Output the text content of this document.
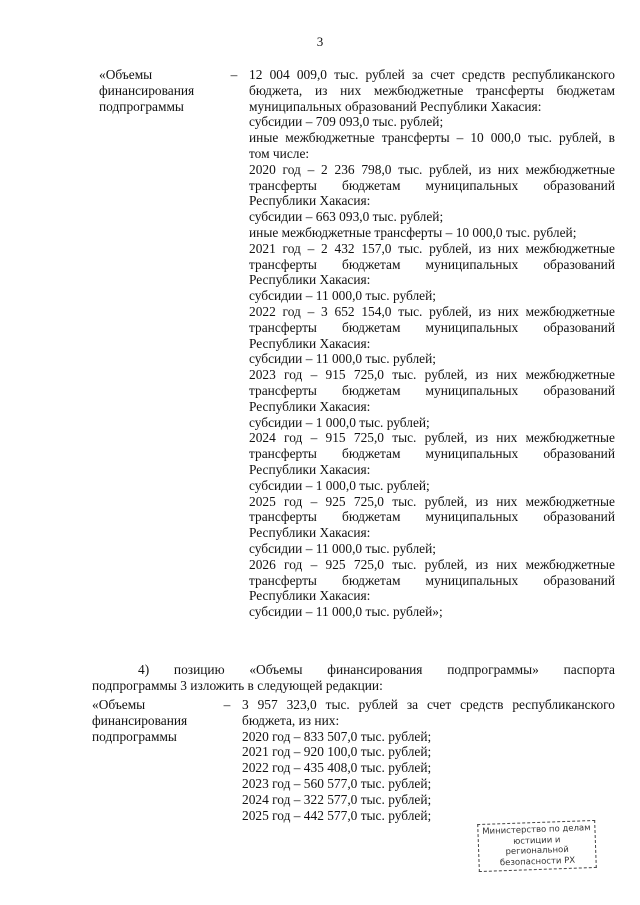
3
«Объемы
финансирования
подпрограммы
– 12 004 009,0 тыс. рублей за счет средств республиканского

бюджета, из них межбюджетные трансферты бюджетам

муниципальных образований Республики Хакасия:

субсидии – 709 093,0 тыс. рублей;

иные межбюджетные трансферты – 10 000,0 тыс. рублей, в

том числе:

2020 год – 2 236 798,0 тыс. рублей, из них межбюджетные

трансферты бюджетам муниципальных образований

Республики Хакасия:

субсидии – 663 093,0 тыс. рублей;

иные межбюджетные трансферты – 10 000,0 тыс. рублей;

2021 год – 2 432 157,0 тыс. рублей, из них межбюджетные

трансферты бюджетам муниципальных образований

Республики Хакасия:

субсидии – 11 000,0 тыс. рублей;

2022 год – 3 652 154,0 тыс. рублей, из них межбюджетные

трансферты бюджетам муниципальных образований

Республики Хакасия:

субсидии – 11 000,0 тыс. рублей;

2023 год – 915 725,0 тыс. рублей, из них межбюджетные

трансферты бюджетам муниципальных образований

Республики Хакасия:

субсидии – 1 000,0 тыс. рублей;

2024 год – 915 725,0 тыс. рублей, из них межбюджетные

трансферты бюджетам муниципальных образований

Республики Хакасия:

субсидии – 1 000,0 тыс. рублей;

2025 год – 925 725,0 тыс. рублей, из них межбюджетные

трансферты бюджетам муниципальных образований

Республики Хакасия:

субсидии – 11 000,0 тыс. рублей;

2026 год – 925 725,0 тыс. рублей, из них межбюджетные

трансферты бюджетам муниципальных образований

Республики Хакасия:

субсидии – 11 000,0 тыс. рублей»;

4) позицию «Объемы финансирования подпрограммы» паспорта

подпрограммы 3 изложить в следующей редакции:

«Объемы
финансирования
подпрограммы
– 3 957 323,0 тыс. рублей за счет средств республиканского

бюджета, из них:

2020 год – 833 507,0 тыс. рублей;

2021 год – 920 100,0 тыс. рублей;

2022 год – 435 408,0 тыс. рублей;

2023 год – 560 577,0 тыс. рублей;

2024 год – 322 577,0 тыс. рублей;

2025 год – 442 577,0 тыс. рублей;

Министерство по делам

юстиции и региональной

безопасности РХ
